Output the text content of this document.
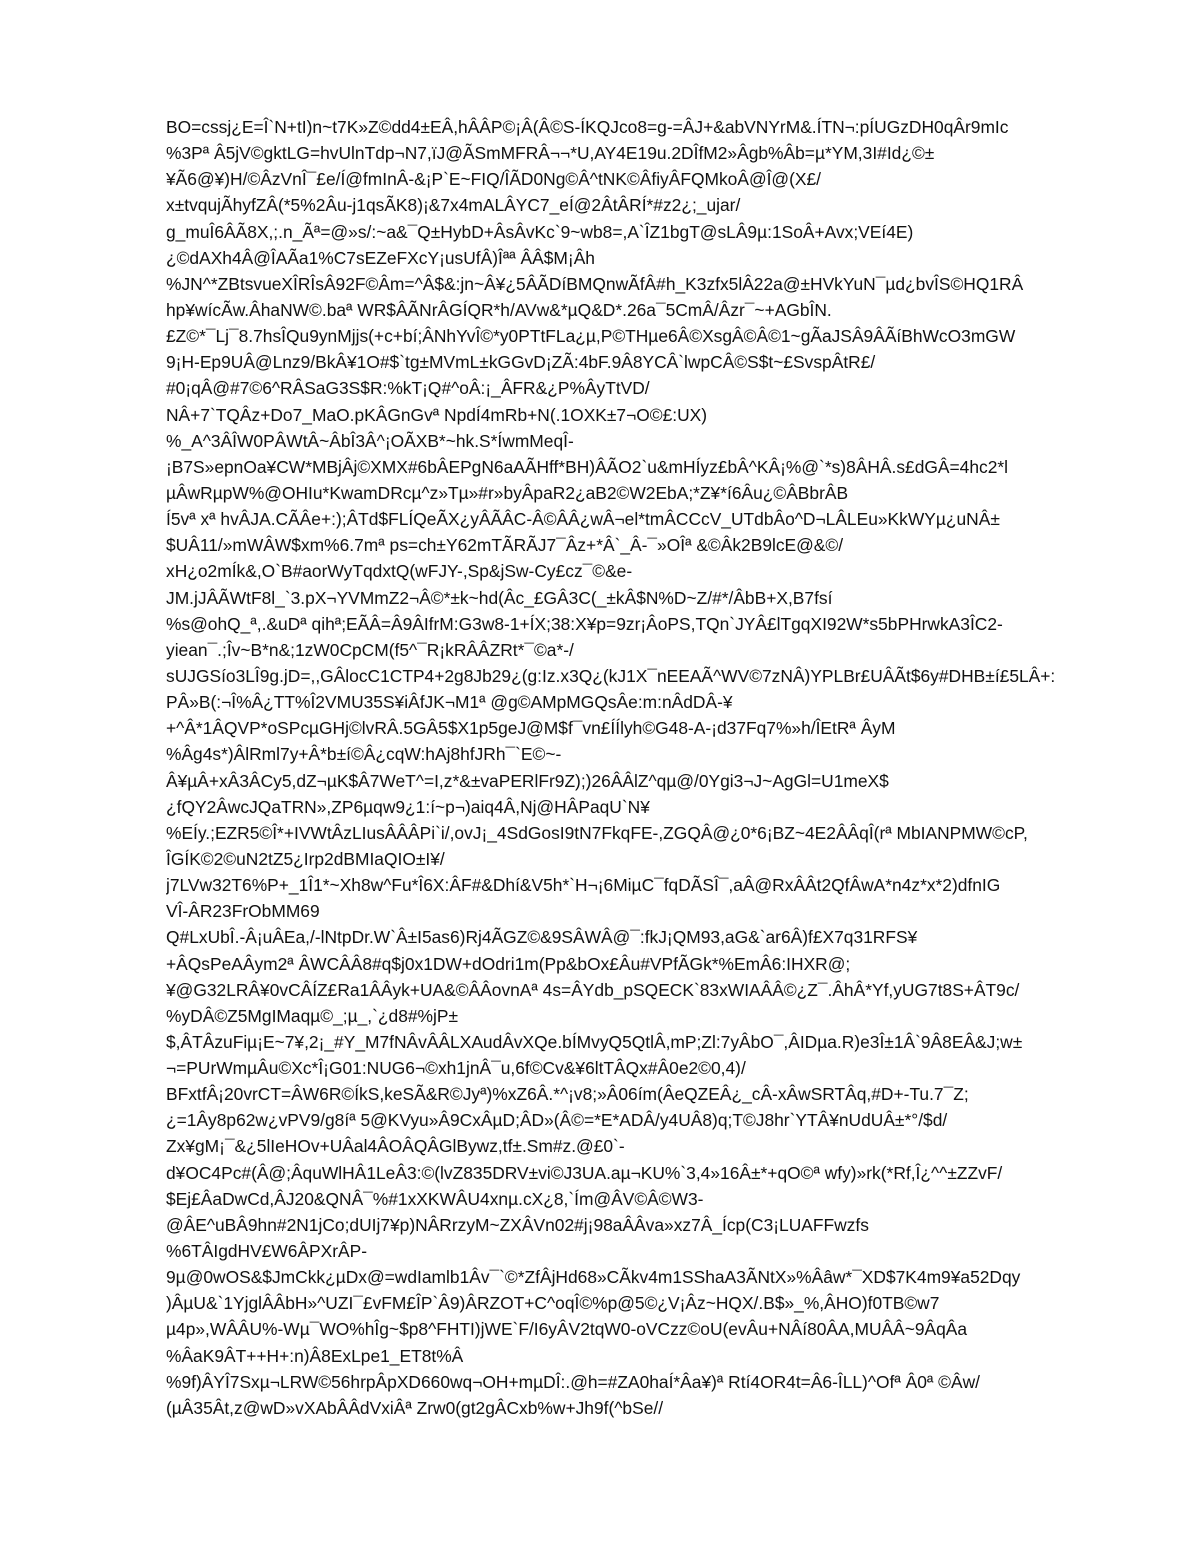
BO=cssj¿E=Î`N+tI)n~t7K»Z©dd4±EÂ,hÂÂP©¡Â(Â©S-ÍKQJco8=g-=ÂJ+&abVNYrM&.ÍTN¬:pÍUGzDH0qÂr9mIc
%3Pª Â5jV©gktLG=hvUlnTdp¬N7,ïJ@ÃSmMFRÂ¬¬*U,AY4E19u.2DÎfM2»Âgb%Âb=µ*YM,3I#Id¿©±
¥Ã6@¥)H/©ÂzVnÎ¯£e/Í@fmInÂ-&¡P`E~FIQ/ÎÃD0Ng©Â^tNK©ÂfiyÂFQMkoÂ@Î@(X£/
x±tvqujÃhyfZÂ(*5%2Âu-j1qsÃK8)¡&7x4mALÂYC7_eÍ@2ÂtÂRÍ*#z2¿;_ujar/
g_muÎ6ÂÃ8X,;.n_Ãª=@»s/:~a&¯Q±HybD+ÂsÂvKc`9~wb8=,A`ÎZ1bgT@sLÂ9µ:1SoÂ+Avx;VEí4E)
¿©dAXh4Â@ÎAÃa1%C7sEZeFXcY¡usUfÂ)Îªª ÂÂ$M¡Âh
%JN^*ZBtsvueXÎRÎsÂ92F©Âm=^Â$&:jn~Â¥¿5ÂÃDíBMQnwÃfÂ#h_K3zfx5lÂ22a@±HVkYuN¯µd¿bvÎS©HQ1RÂ
hp¥wícÃw.ÂhaNW©.baª WR$ÂÃNrÂGÍQR*h/AVw&*µQ&D*.26a¯5CmÂ/Âzr¯~+AGbÎN.
£Z©*¯Lj¯8.7hsÎQu9ynMjjs(+c+bí;ÂNhYvÎ©*y0PTtFLa¿µ,P©THµe6Â©XsgÂ©Â©1~gÃaJSÂ9ÂÃíBhWcO3mGW
9¡H-Ep9UÂ@Lnz9/BkÂ¥1O#$`tg±MVmL±kGGvD¡ZÃ:4bF.9Â8YCÂ`lwpCÂ©S$t~£SvspÂtR£/
#0¡qÂ@#7©6^RÂSaG3S$R:%kT¡Q#^oÂ:¡_ÂFR&¿P%ÂyTtVD/
NÂ+7`TQÂz+Do7_MaO.pKÂGnGvª NpdÍ4mRb+N(.1OXK±7¬O©£:UX)
%_A^3ÂÎW0PÂWtÂ~ÂbÎ3Â^¡OÃXB*~hk.S*ÍwmMeqÎ-
¡B7S»epnOa¥CW*MBjÂj©XMX#6bÂEPgN6aAÃHff*BH)ÂÃO2`u&mHÍyz£bÂ^KÂ¡%@`*s)8ÂHÂ.s£dGÂ=4hc2*l
µÂwRµpW%@OHIu*KwamDRcµ^z»Tµ»#r»byÂpaR2¿aB2©W2EbA;*Z¥*í6Âu¿©ÂBbrÂB
Í5vª xª hvÂJA.CÃÂe+:);ÂTd$FLÍQeÃX¿yÂÃÂC-Â©ÂÂ¿wÂ¬el*tmÂCCcV_UTdbÂo^D¬LÂLEu»KkWYµ¿uNÂ±
$UÂ11/»mWÂW$xm%6.7mª ps=ch±Y62mTÃRÃJ7¯Âz+*Â`_Â-¯»OÎª &©Âk2B9lcE@&©/
xH¿o2mÍk&,O`B#aorWyTqdxtQ(wFJY-,Sp&jSw-Cy£cz¯©&e-
JM.jJÂÃWtF8l_`3.pX¬YVMmZ2¬Â©*±k~hd(Âc_£GÂ3C(_±kÂ$N%D~Z/#*/ÂbB+X,B7fsí
%s@ohQ_ª,.&uDª qihª;EÃÂ=Â9ÂIfrM:G3w8-1+ÍX;38:X¥p=9zr¡ÂoPS,TQn`JYÂ£lTgqXI92W*s5bPHrwkA3ÎC2-
yiean¯.;Îv~B*n&;1zW0CpCM(f5^¯R¡kRÂÂZRt*¯©a*-/
sUJGSío3LÎ9g.jD=,,GÂlocC1CTP4+2g8Jb29¿(g:Iz.x3Q¿(kJ1X¯nEEAÃ^WV©7zNÂ)YPLBr£UÂÃt$6y#DHB±í£5LÂ+:
PÂ»B(:¬Î%Â¿TT%Î2VMU35S¥iÂfJK¬M1ª @g©AMpMGQsÂe:m:nÂdDÂ-¥
+^Â*1ÂQVP*oSPcµGHj©lvRÂ.5GÂ5$X1p5geJ@M$f¯vn£ÍÍlyh©G48-A-¡d37Fq7%»h/ÎEtRª ÂyM
%Âg4s*)ÂlRml7y+Â*b±í©Â¿cqW:hAj8hfJRh¯`E©~-
Â¥µÂ+xÂ3ÂCy5,dZ¬µK$Â7WeT^=I,z*&±vaPERlFr9Z);)26ÂÂlZ^qµ@/0Ygi3¬J~AgGl=U1meX$
¿fQY2ÂwcJQaTRN»,ZP6µqw9¿1:í~p¬)aiq4Â,Nj@HÂPaqU`N¥
%EÍy.;EZR5©Î*+IVWtÂzLIusÂÂÂPi`i/,ovJ¡_4SdGosI9tN7FkqFE-,ZGQÂ@¿0*6¡BZ~4E2ÂÂqÎ(rª MbIANPMW©cP,
ÎGÍK©2©uN2tZ5¿Irp2dBMIaQIO±I¥/
j7LVw32T6%P+_1Î1*~Xh8w^Fu*Î6X:ÂF#&Dhí&V5h*`H¬¡6MiµC¯fqDÃSÎ¯,aÂ@RxÂÂt2QfÂwA*n4z*x*2)dfnIG
VÎ-ÂR23FrObMM69
Q#LxUbÎ.-Â¡uÂEa,/-lNtpDr.W`Â±I5as6)Rj4ÃGZ©&9SÂWÂ@¯:fkJ¡QM93,aG&`ar6Â)f£X7q31RFS¥
+ÂQsPeAÂym2ª ÂWCÂÂ8#q$j0x1DW+dOdri1m(Pp&bOx£Âu#VPfÃGk*%EmÂ6:IHXR@;
¥@G32LRÂ¥0vCÂÍZ£Ra1ÂÂyk+UA&©ÂÂovnAª 4s=ÂYdb_pSQECK`83xWIAÂÂ©¿Z¯.ÂhÂ*Yf,yUG7t8S+ÂT9c/
%yDÂ©Z5MgIMaqµ©_;µ_,`¿d8#%jP±
$,ÂTÂzuFiµ¡E~7¥,2¡_#Y_M7fNÂvÂÂLXAudÂvXQe.bÍMvyQ5QtlÂ,mP;Zl:7yÂbO¯,ÂIDµa.R)e3Î±1Â`9Â8EÂ&J;w±
¬=PUrWmµÂu©Xc*Î¡G01:NUG6¬©xh1jnÂ¯u,6f©Cv&¥6ltTÂQx#Â0e2©0,4)/
BFxtfÂ¡20vrCT=ÂW6R©ÍkS,keSÃ&R©Jyª)%xZ6Â.*^¡v8;»Â06ím(ÂeQZEÂ¿_cÂ-xÂwSRTÂq,#D+-Tu.7¯Z;
¿=1Ây8p62w¿vPV9/g8íª 5@KVyu»Â9CxÂµD;ÂD»(Â©=*E*ADÂ/y4UÂ8)q;T©J8hr`YTÂ¥nUdUÂ±*°/$d/
Zx¥gM¡¯&¿5lIeHOv+UÂal4ÂOÂQÂGlBywz,tf±.Sm#z.@£0`-
d¥OC4Pc#(Â@;ÂquWlHÂ1LeÂ3:©(lvZ835DRV±vi©J3UA.aµ¬KU%`3,4»16Â±*+qO©ª wfy)»rk(*Rf,Î¿^^±ZZvF/
$Ej£ÂaDwCd,ÂJ20&QNÂ¯%#1xXKWÂU4xnµ.cX¿8,`Ím@ÂV©Â©W3-
@ÂE^uBÂ9hn#2N1jCo;dUIj7¥p)NÂRrzyM~ZXÂVn02#j¡98aÂÂva»xz7Â_Ícp(C3¡LUAFFwzfs
%6TÂIgdHV£W6ÂPXrÂP-
9µ@0wOS&$JmCkk¿µDx@=wdIamlb1Âv¯`©*ZfÂjHd68»CÃkv4m1SShaA3ÃNtX»%Ââw*¯XD$7K4m9¥a52Dqy
)ÂµU&`1YjglÂÂbH»^UZI¯£vFM£ÎP`Â9)ÂRZOT+C^oqÎ©%p@5©¿V¡Âz~HQX/.B$»_%,ÂHO)f0TB©w7
µ4p»,WÂÂU%-Wµ¯WO%hÎg~$p8^FHTI)jWE`F/I6yÂV2tqW0-oVCzz©oU(evÂu+NÂí80ÂA,MUÂÂ~9ÂqÂa
%ÂaK9ÂT++H+:n)Â8ExLpe1_ET8t%Â
%9f)ÂYÎ7Sxµ¬LRW©56hrpÂpXD660wq¬OH+mµDÎ:.@h=#ZA0haÍ*Âa¥)ª Rtí4OR4t=Â6-ÎLL)^Ofª Â0ª ©Âw/
(µÂ35Ât,z@wD»vXAbÂÂdVxiÂª Zrw0(gt2gÂCxb%w+Jh9f(^bSe//
